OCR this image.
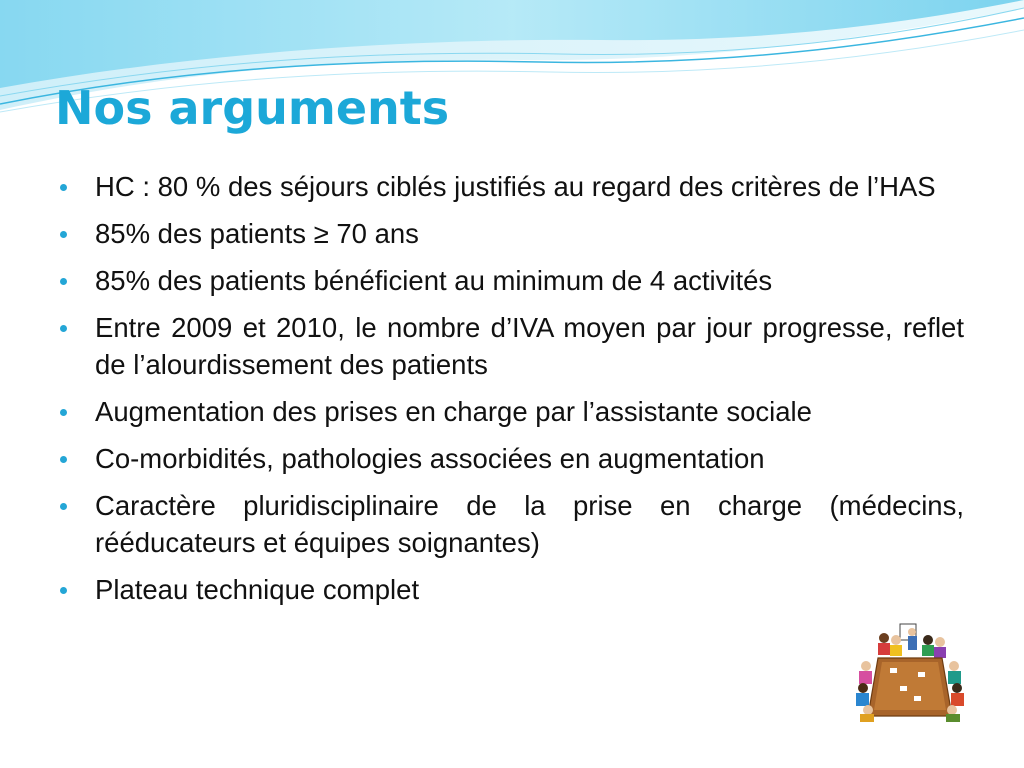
Nos arguments
HC : 80 % des séjours ciblés justifiés au regard des critères de l’HAS
85% des patients ≥ 70 ans
85% des patients bénéficient au minimum de 4 activités
Entre 2009 et 2010, le nombre d’IVA moyen par jour progresse, reflet de l’alourdissement des patients
Augmentation des prises en charge par l’assistante sociale
Co-morbidités, pathologies associées en augmentation
Caractère pluridisciplinaire de la prise en charge (médecins, rééducateurs et équipes soignantes)
Plateau technique complet
